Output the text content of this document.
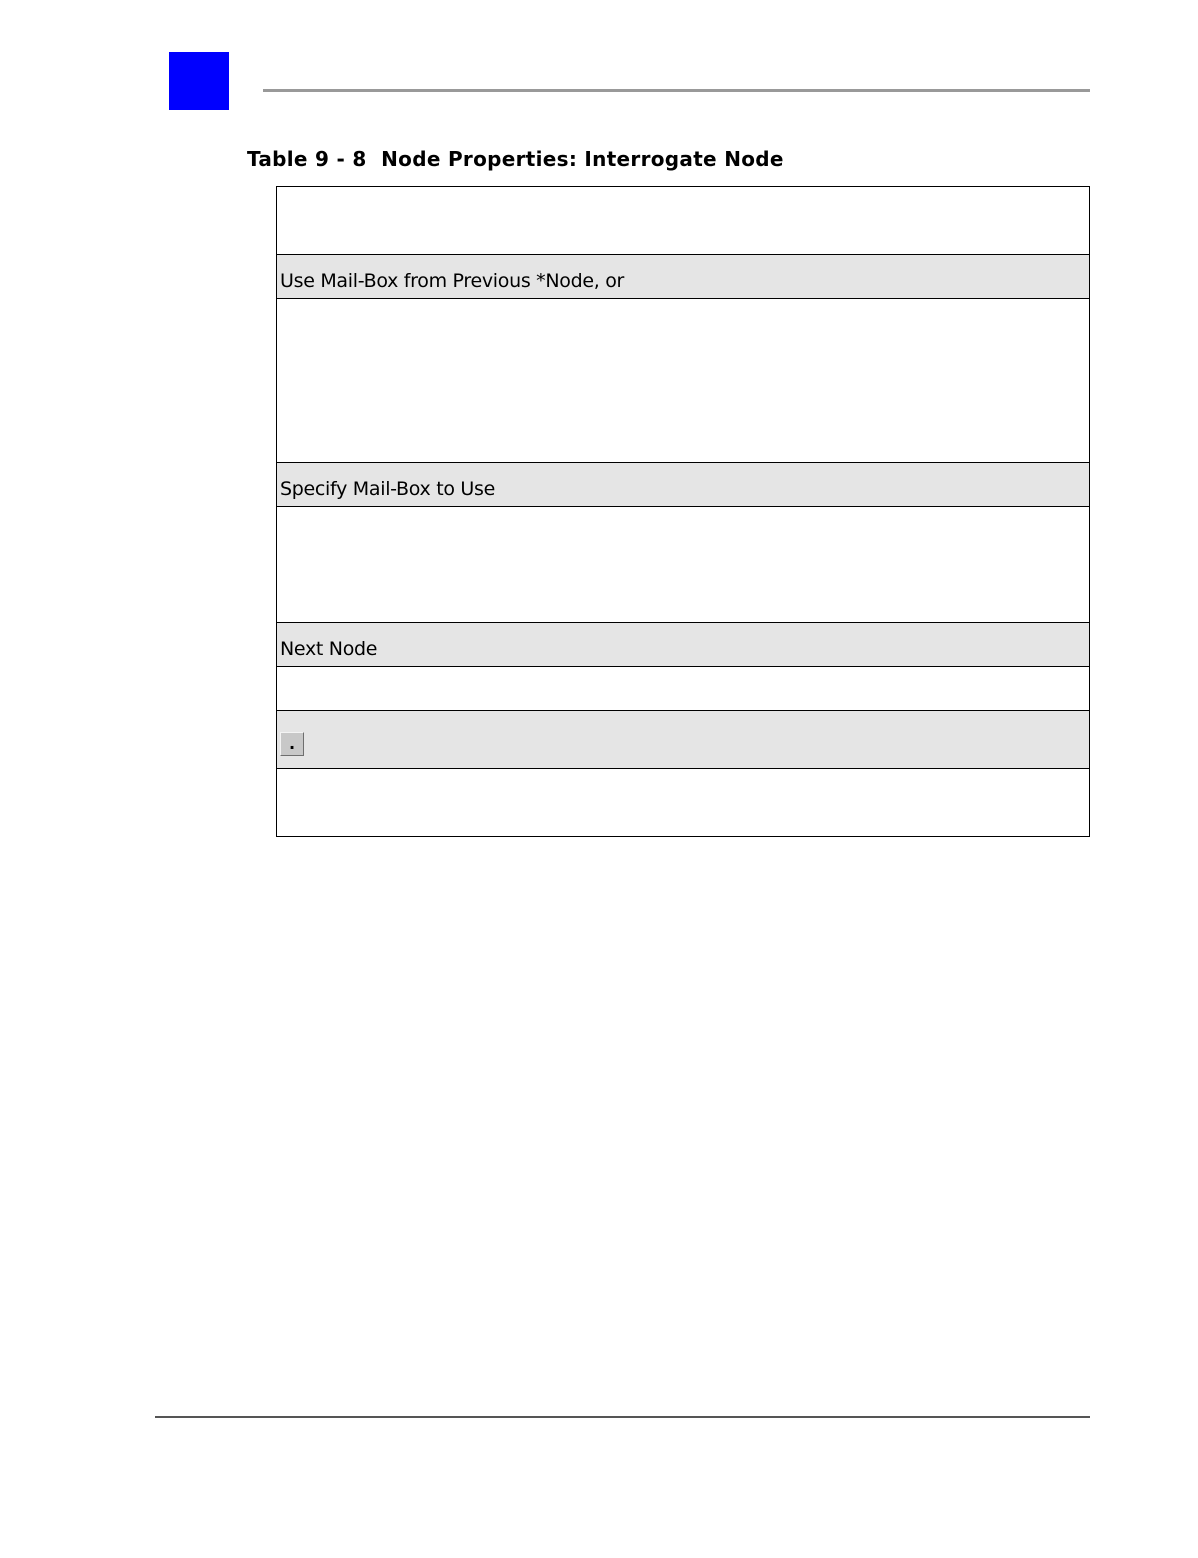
Table 9 - 8  Node Properties: Interrogate Node
Use Mail-Box from Previous *Node, or
Specify Mail-Box to Use
Next Node
.
